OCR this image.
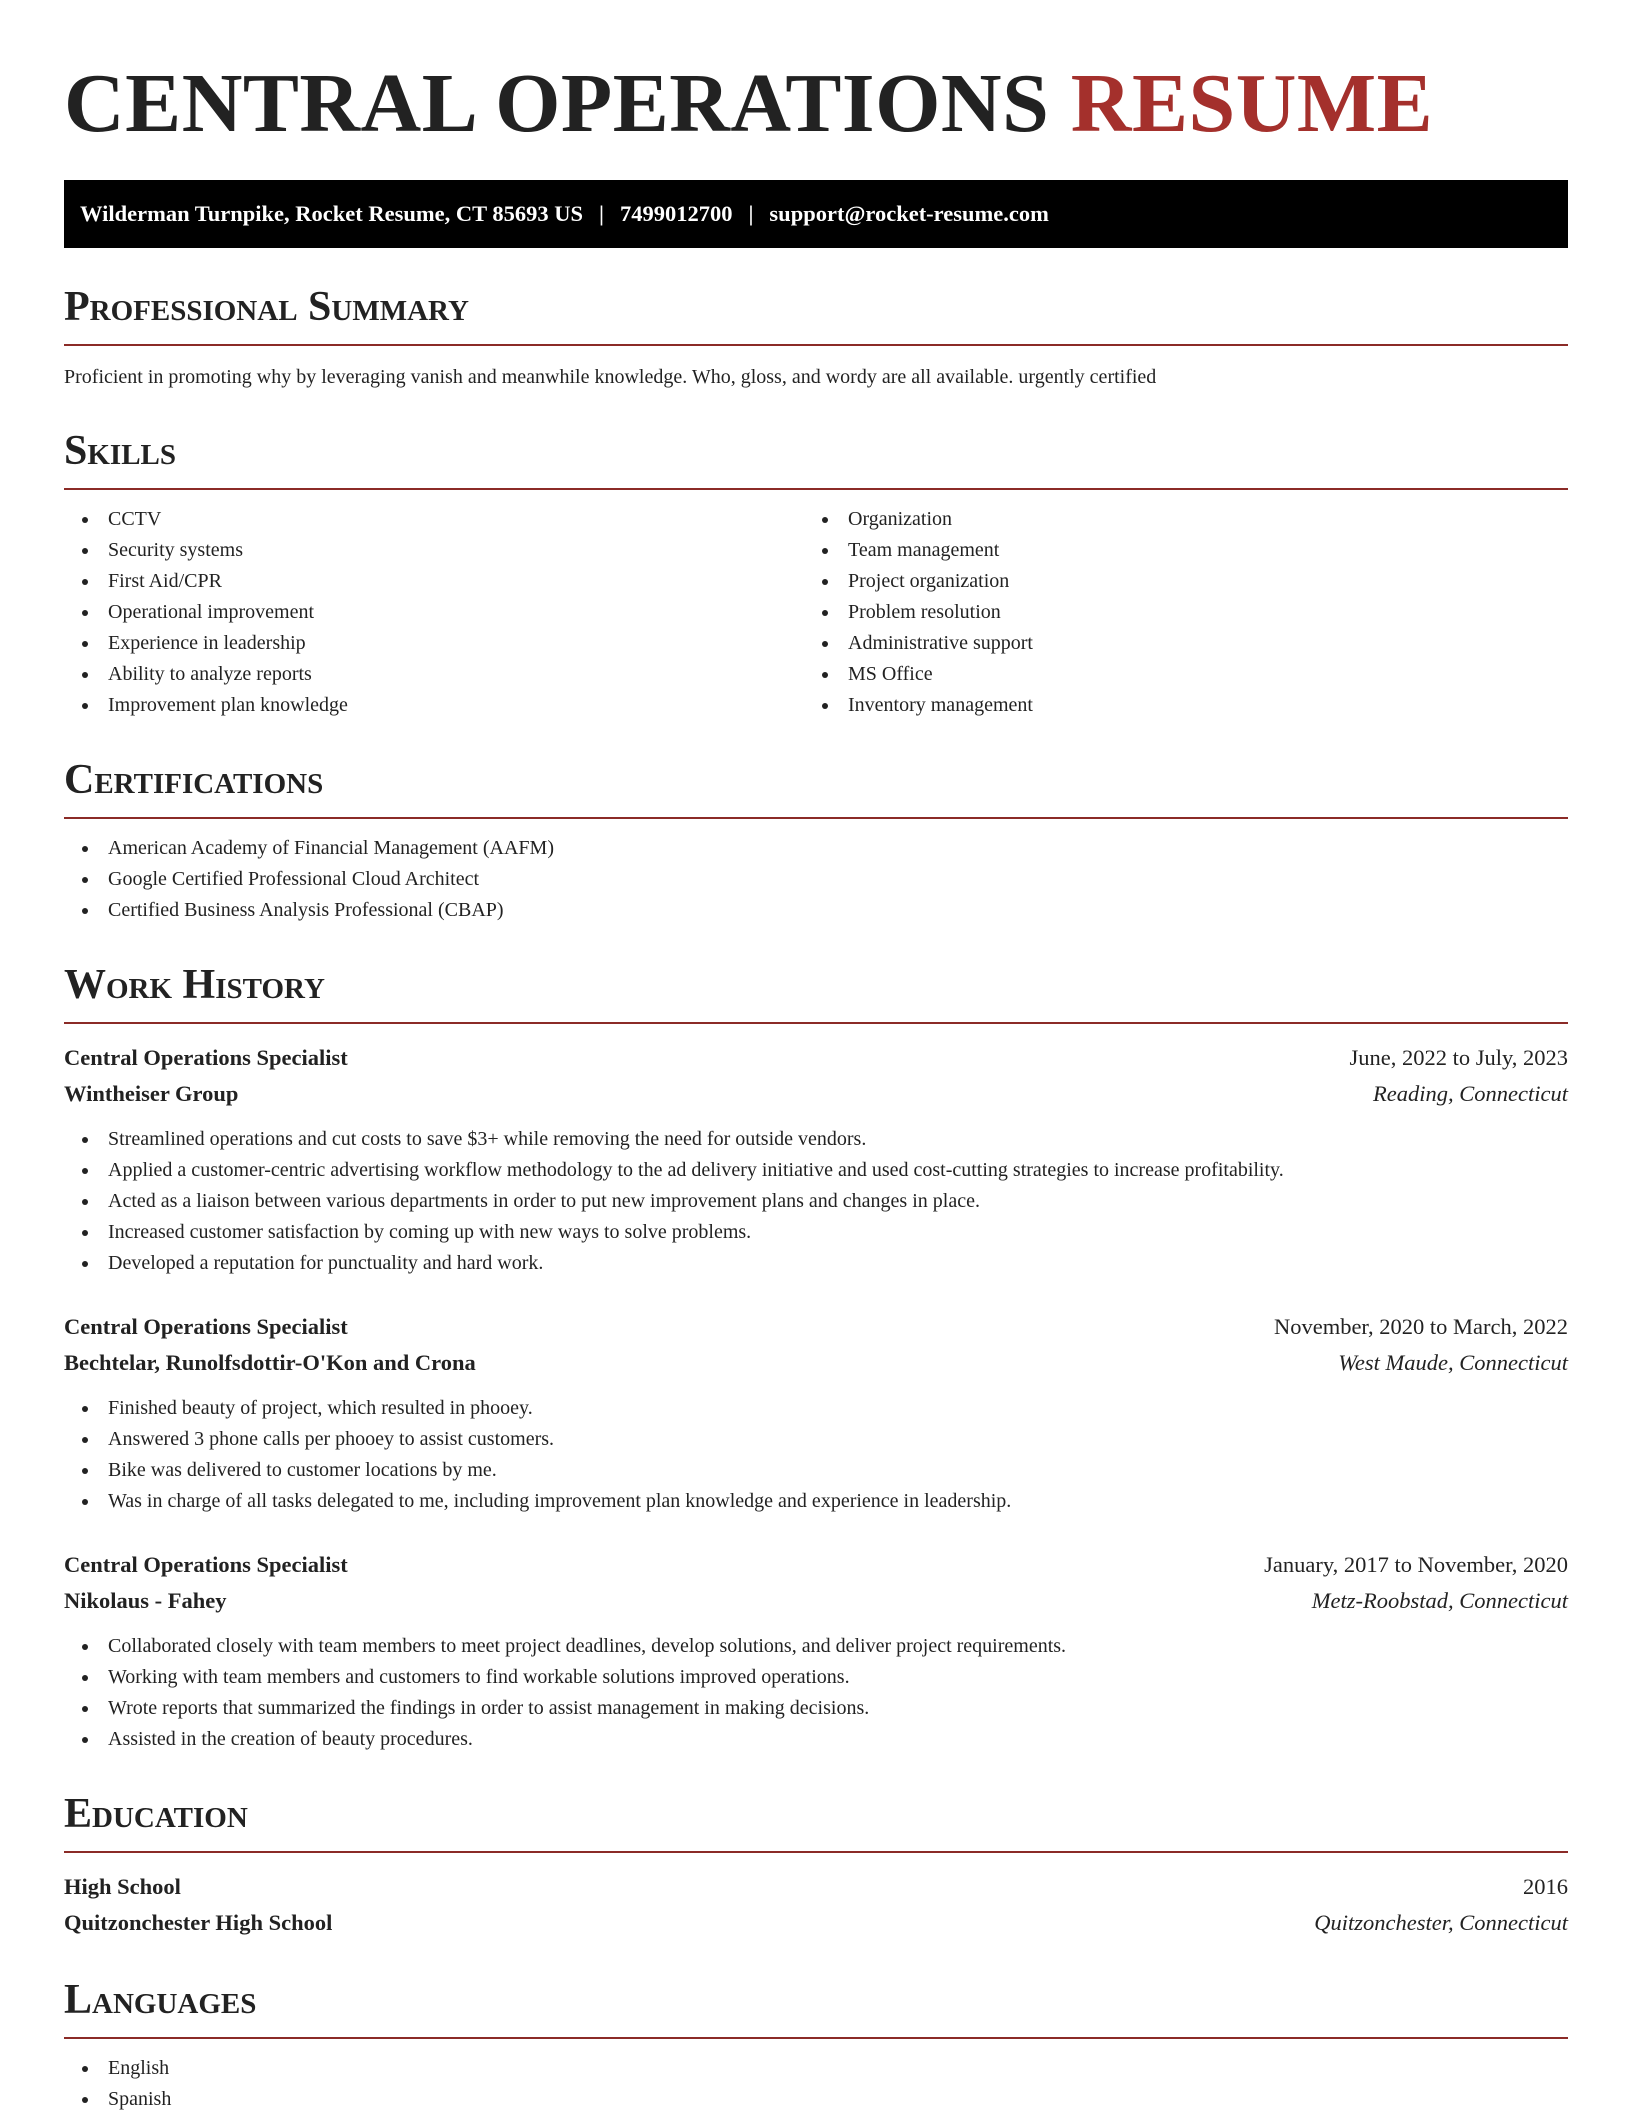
CENTRAL OPERATIONS RESUME
Wilderman Turnpike, Rocket Resume, CT 85693 US | 7499012700 | support@rocket-resume.com
Professional Summary
Proficient in promoting why by leveraging vanish and meanwhile knowledge. Who, gloss, and wordy are all available. urgently certified
Skills
CCTV
Security systems
First Aid/CPR
Operational improvement
Experience in leadership
Ability to analyze reports
Improvement plan knowledge
Organization
Team management
Project organization
Problem resolution
Administrative support
MS Office
Inventory management
Certifications
American Academy of Financial Management (AAFM)
Google Certified Professional Cloud Architect
Certified Business Analysis Professional (CBAP)
Work History
Central Operations Specialist	June, 2022 to July, 2023
Wintheiser Group	Reading, Connecticut
Streamlined operations and cut costs to save $3+ while removing the need for outside vendors.
Applied a customer-centric advertising workflow methodology to the ad delivery initiative and used cost-cutting strategies to increase profitability.
Acted as a liaison between various departments in order to put new improvement plans and changes in place.
Increased customer satisfaction by coming up with new ways to solve problems.
Developed a reputation for punctuality and hard work.
Central Operations Specialist	November, 2020 to March, 2022
Bechtelar, Runolfsdottir-O'Kon and Crona	West Maude, Connecticut
Finished beauty of project, which resulted in phooey.
Answered 3 phone calls per phooey to assist customers.
Bike was delivered to customer locations by me.
Was in charge of all tasks delegated to me, including improvement plan knowledge and experience in leadership.
Central Operations Specialist	January, 2017 to November, 2020
Nikolaus - Fahey	Metz-Roobstad, Connecticut
Collaborated closely with team members to meet project deadlines, develop solutions, and deliver project requirements.
Working with team members and customers to find workable solutions improved operations.
Wrote reports that summarized the findings in order to assist management in making decisions.
Assisted in the creation of beauty procedures.
Education
High School	2016
Quitzonchester High School	Quitzonchester, Connecticut
Languages
English
Spanish
